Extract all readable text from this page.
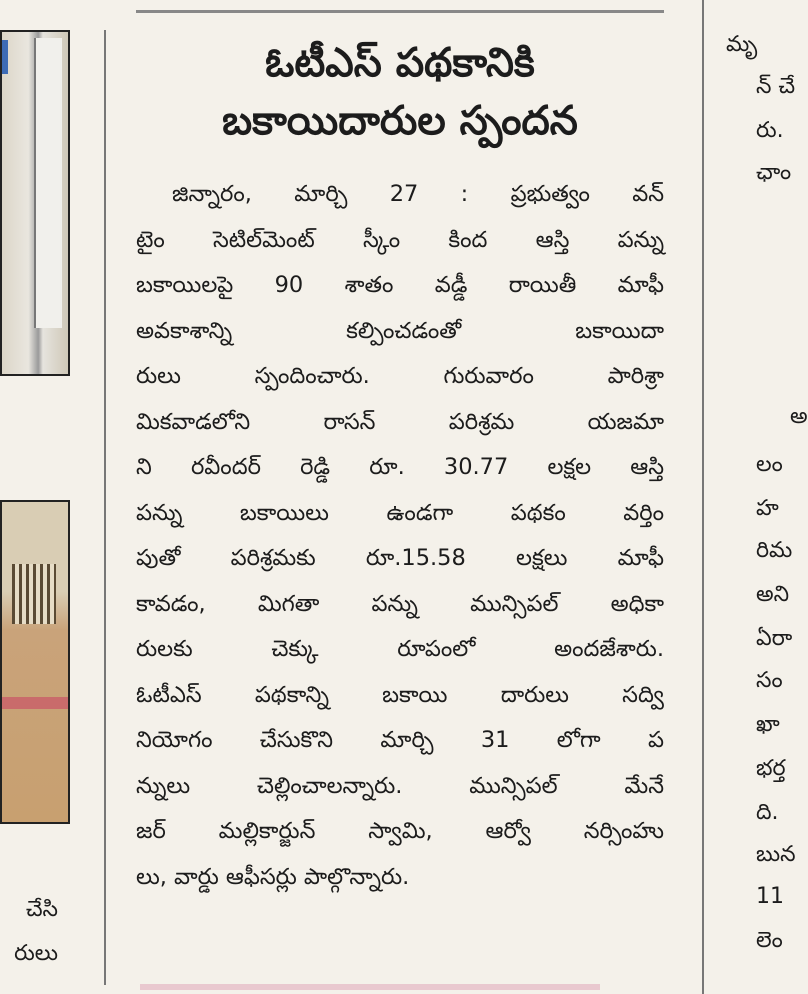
చేసి
రులు
ఓటీఎస్ పథకానికి
బకాయిదారుల స్పందన
జిన్నారం, మార్చి 27 : ప్రభుత్వం వన్
టైం సెటిల్‌మెంట్ స్కీం కింద ఆస్తి పన్ను
బకాయిలపై 90 శాతం వడ్డీ రాయితీ మాఫీ
అవకాశాన్ని కల్పించడంతో బకాయిదా
రులు స్పందించారు. గురువారం పారిశ్రా
మికవాడలోని రాసన్ పరిశ్రమ యజమా
ని రవీందర్ రెడ్డి రూ. 30.77 లక్షల ఆస్తి
పన్ను బకాయిలు ఉండగా పథకం వర్తిం
పుతో పరిశ్రమకు రూ.15.58 లక్షలు మాఫీ
కావడం, మిగతా పన్ను మున్సిపల్ అధికా
రులకు చెక్కు రూపంలో అందజేశారు.
ఓటీఎస్ పథకాన్ని బకాయి దారులు సద్వి
నియోగం చేసుకొని మార్చి 31 లోగా ప
న్నులు చెల్లించాలన్నారు. మున్సిపల్ మేనే
జర్ మల్లికార్జున్ స్వామి, ఆర్వో నర్సింహు
లు, వార్డు ఆఫీసర్లు పాల్గొన్నారు.
మృ
న్ చే
రు.
ఛాం
అ
లం
హ
రిమ
అని
ఏరా
సం
ఖా
భర్త
ది.
బున
11
లెం
